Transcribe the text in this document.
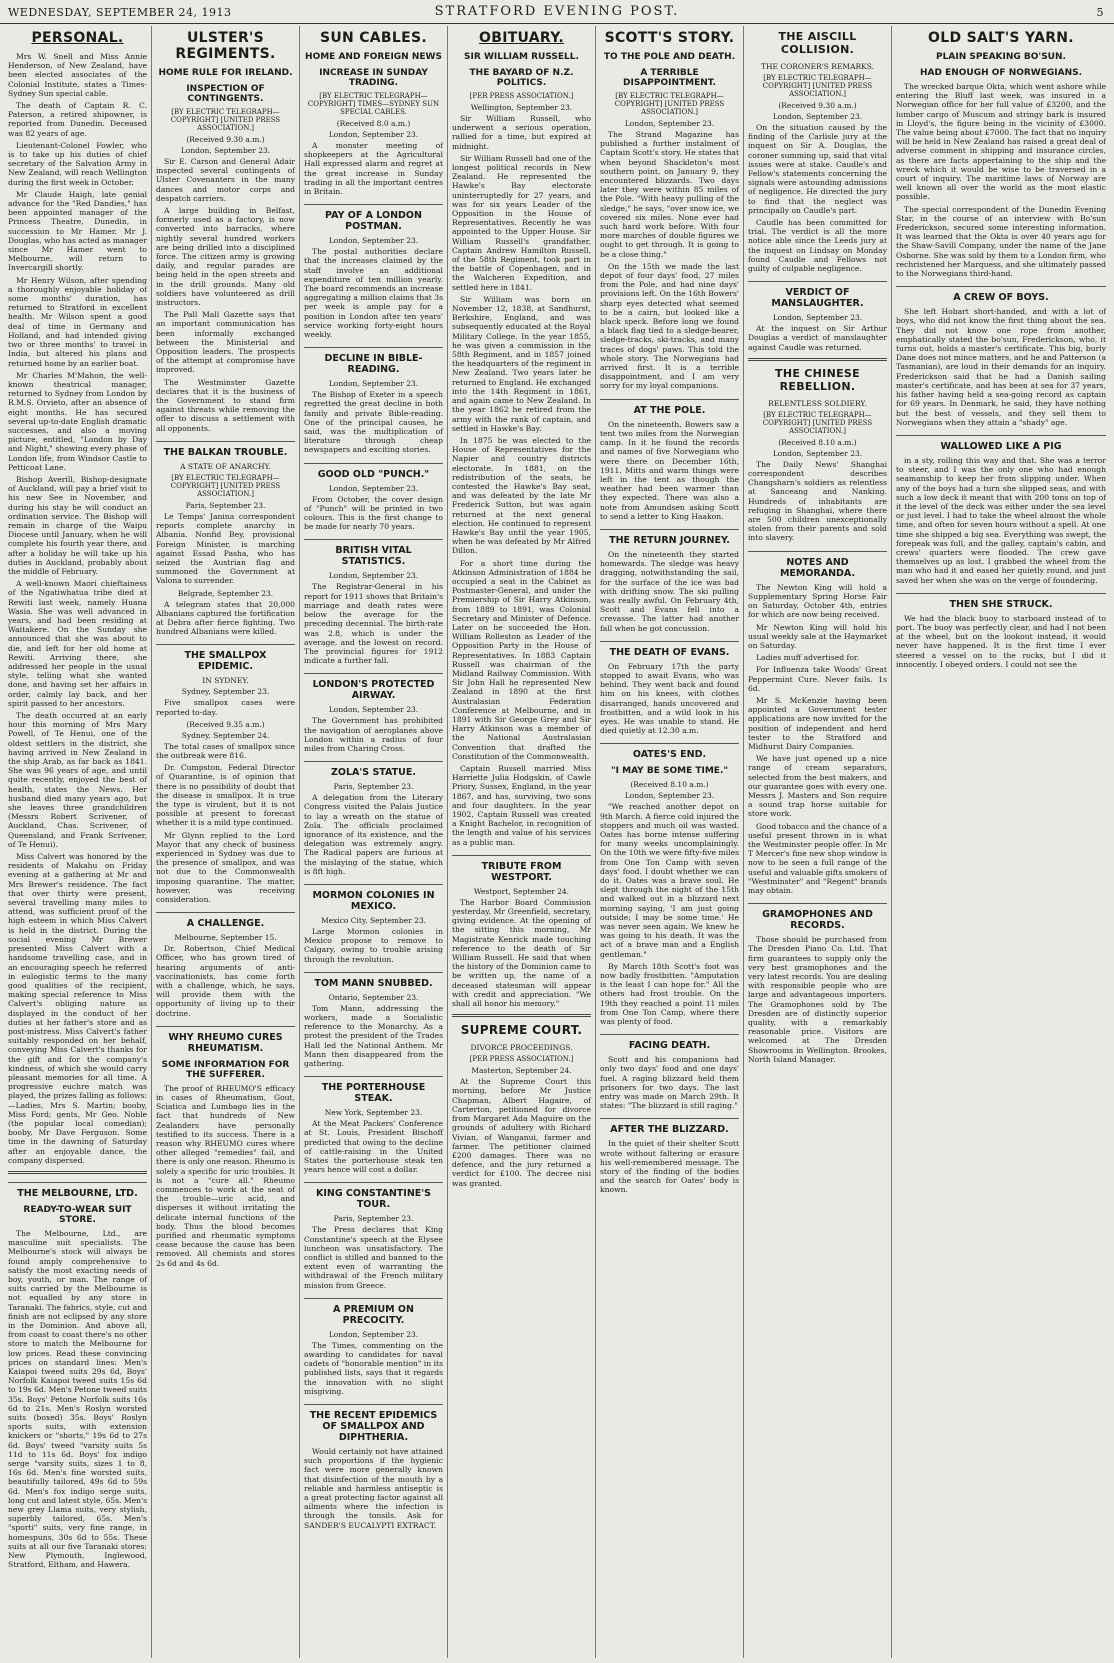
WEDNESDAY, SEPTEMBER 24, 1913	STRATFORD EVENING POST.	5
PERSONAL.

Mrs W. Snell and Miss Annie Henderson, of New Zealand, have been elected associates of the Colonial Institute, states a Times-Sydney Sun special cable.

The death of Captain R. C. Paterson, a retired shipowner, is reported from Dunedin. Deceased was 82 years of age.

Lieutenant-Colonel Fowler, who is to take up his duties of chief secretary of the Salvation Army in New Zealand, will reach Wellington during the first week in October.

Mr Claude Haigh, late genial advance for the "Red Dandies," has been appointed manager of the Princess Theatre, Dunedin, in succession to Mr Hamer. Mr J. Douglas, who has acted as manager since Mr Hamer went to Melbourne, will return to Invercargill shortly.

Mr Henry Wilson, after spending a thoroughly enjoyable holiday of some months' duration, has returned to Stratford in excellent health. Mr Wilson spent a good deal of time in Germany and Holland, and had intended giving two or three months' to travel in India, but altered his plans and returned home by an earlier boat.

Mr Charles M'Mahon, the well-known theatrical manager, returned to Sydney from London by R.M.S. Orvieto, after an absence of eight months. He has secured several up-to-date English dramatic successes, and also a moving picture, entitled, "London by Day and Night," showing every phase of London life, from Windsor Castle to Petticoat Lane.

Bishop Averill, Bishop-designate of Auckland, will pay a brief visit to his new See in November, and during his stay he will conduct an ordination service. The Bishop will remain in charge of the Waipu Diocese until January, when he will complete his fourth year there, and after a holiday he will take up his duties in Auckland, probably about the middle of February.

A well-known Maori chieftainess of the Ngatiwhatua tribe died at Rewiti last week, namely Huana Wasia. She was well advanced in years, and had been residing at Waitakere. On the Sunday she announced that she was about to die, and left for her old home at Rewiti. Arriving there, she addressed her people in the usual style, telling what she wanted done, and having set her affairs in order, calmly lay back, and her spirit passed to her ancestors.

The death occurred at an early hour this morning of Mrs Mary Powell, of Te Henui, one of the oldest settlers in the district, she having arrived in New Zealand in the ship Arab, as far back as 1841. She was 96 years of age, and until quite recently, enjoyed the best of health, states the News. Her husband died many years ago, but she leaves three grandchildren (Messrs Robert Scrivener, of Auckland, Chas. Scrivener, of Queensland, and Frank Scrivener, of Te Henui).

Miss Calvert was honored by the residents of Makahu on Friday evening at a gathering at Mr and Mrs Brewer's residence. The fact that over thirty were present, several travelling many miles to attend, was sufficient proof of the high esteem in which Miss Calvert is held in the district. During the social evening Mr Brewer presented Miss Calvert with a handsome travelling case, and in an encouraging speech he referred in eulogistic terms to the many good qualities of the recipient, making special reference to Miss Calvert's obliging nature as displayed in the conduct of her duties at her father's store and as post-mistress. Miss Calvert's father suitably responded on her behalf, conveying Miss Calvert's thanks for the gift and for the company's kindness, of which she would carry pleasant memories for all time. A progressive euchre match was played, the prizes falling as follows:—Ladies, Mrs S. Martin; booby, Miss Ford; gents, Mr Geo. Noble (the popular local comedian); booby, Mr Dave Ferguson. Some time in the dawning of Saturday after an enjoyable dance, the company dispersed.

THE MELBOURNE, LTD.
READY-TO-WEAR SUIT STORE.

The Melbourne, Ltd., are masculine suit specialists. The Melbourne's stock will always be found amply comprehensive to satisfy the most exacting needs of boy, youth, or man. The range of suits carried by the Melbourne is not equalled by any store in Taranaki. The fabrics, style, cut and finish are not eclipsed by any store in the Dominion. And above all, from coast to coast there's no other store to match the Melbourne for low prices. Read these convincing prices on standard lines: Men's Kaiapoi tweed suits 29s 6d, Boys' Norfolk Kaiapoi tweed suits 15s 6d to 19s 6d. Men's Petone tweed suits 35s. Boys' Petone Norfolk suits 16s 6d to 21s. Men's Roslyn worsted suits (boxed) 35s. Boys' Roslyn sports suits, with extension knickers or "shorts," 19s 6d to 27s 6d. Boys' tweed "varsity suits 5s 11d to 11s 6d. Boys' fox indigo serge "varsity suits, sizes 1 to 8, 16s 6d. Men's fine worsted suits, beautifully tailored, 49s 6d to 59s 6d. Men's fox indigo serge suits, long cut and latest style, 65s. Men's new grey Llama suits, very stylish, superbly tailored, 65s. Men's "sporti" suits, very fine range, in homespuns, 30s 6d to 55s. These suits at all our five Taranaki stores: New Plymouth, Inglewood, Stratford, Eltham, and Hawera.

ULSTER'S REGIMENTS.
HOME RULE FOR IRELAND.
INSPECTION OF CONTINGENTS.
[BY ELECTRIC TELEGRAPH—COPYRIGHT] [UNITED PRESS ASSOCIATION.]
(Received 9.30 a.m.)
London, September 23.

Sir E. Carson and General Adair inspected several contingents of Ulster Covenanters in the many dances and motor corps and despatch carriers.

A large building in Belfast, formerly used as a factory, is now converted into barracks, where nightly several hundred workers are being drilled into a disciplined force. The citizen army is growing daily, and regular parades are being held in the open streets and in the drill grounds. Many old soldiers have volunteered as drill instructors.

The Pall Mall Gazette says that an important communication has been informally exchanged between the Ministerial and Opposition leaders. The prospects of the attempt at compromise have improved.

The Westminster Gazette declares that it is the business of the Government to stand firm against threats while removing the offer to discuss a settlement with all opponents.

THE BALKAN TROUBLE.
A STATE OF ANARCHY.
[BY ELECTRIC TELEGRAPH—COPYRIGHT] [UNITED PRESS ASSOCIATION.]
Paris, September 23.

Le Temps' Janina correspondent reports complete anarchy in Albania. Nonfid Bey, provisional Foreign Minister, is marching against Essad Pasha, who has seized the Austrian flag and summoned the Government at Valona to surrender.

Belgrade, September 23.

A telegram states that 20,000 Albanians captured the fortification at Debra after fierce fighting. Two hundred Albanians were killed.

THE SMALLPOX EPIDEMIC.
IN SYDNEY.
Sydney, September 23.

Five smallpox cases were reported to-day.

(Received 9.35 a.m.)
Sydney, September 24.

The total cases of smallpox since the outbreak were 816.

Dr. Cumpston, Federal Director of Quarantine, is of opinion that there is no possibility of doubt that the disease is smallpox. It is true the type is virulent, but it is not possible at present to forecast whether it is a mild type continued.

Mr Glynn replied to the Lord Mayor that any check of business experienced in Sydney was due to the presence of smallpox, and was not due to the Commonwealth imposing quarantine. The matter, however, was receiving consideration.

A CHALLENGE.
Melbourne, September 15.

Dr. Robertson, Chief Medical Officer, who has grown tired of hearing arguments of anti-vaccinationists, has come forth with a challenge, which, he says, will provide them with the opportunity of living up to their doctrine.

WHY RHEUMO CURES RHEUMATISM.
SOME INFORMATION FOR THE SUFFERER.

The proof of RHEUMO'S efficacy in cases of Rheumatism, Gout, Sciatica and Lumbago lies in the fact that hundreds of New Zealanders have personally testified to its success. There is a reason why RHEUMO cures where other alleged "remedies" fail, and there is only one reason. Rheumo is solely a specific for uric troubles. It is not a "cure all." Rheumo commences to work at the seat of the trouble—uric acid, and disperses it without irritating the delicate internal functions of the body. Thus the blood becomes purified and rheumatic symptoms cease because the cause has been removed. All chemists and stores 2s 6d and 4s 6d.

SUN CABLES.
HOME AND FOREIGN NEWS
INCREASE IN SUNDAY TRADING.
[BY ELECTRIC TELEGRAPH—COPYRIGHT] TIMES—SYDNEY SUN SPECIAL CABLES.
(Received 8.0 a.m.)
London, September 23.

A monster meeting of shopkeepers at the Agricultural Hall expressed alarm and regret at the great increase in Sunday trading in all the important centres in Britain.

PAY OF A LONDON POSTMAN.
London, September 23.

The postal authorities declare that the increases claimed by the staff involve an additional expenditure of ten million yearly. The board recommends an increase aggregating a million claims that 3s per week is ample pay for a position in London after ten years' service working forty-eight hours weekly.

DECLINE IN BIBLE-READING.
London, September 23.

The Bishop of Exeter in a speech regretted the great decline in both family and private Bible-reading. One of the principal causes, he said, was the multiplication of literature through cheap newspapers and exciting stories.

GOOD OLD "PUNCH."
London, September 23.

From October, the cover design of "Punch" will be printed in two colours. This is the first change to be made for nearly 70 years.

BRITISH VITAL STATISTICS.
London, September 23.

The Registrar-General in his report for 1911 shows that Britain's marriage and death rates were below the average for the preceding decennial. The birth-rate was 2.8, which is under the average, and the lowest on record. The provincial figures for 1912 indicate a further fall.

LONDON'S PROTECTED AIRWAY.
London, September 23.

The Government has prohibited the navigation of aeroplanes above London within a radius of four miles from Charing Cross.

ZOLA'S STATUE.
Paris, September 23.

A delegation from the Literary Congress visited the Palais Justice to lay a wreath on the statue of Zola. The officials proclaimed ignorance of its existence, and the delegation was extremely angry. The Radical papers are furious at the mislaying of the statue, which is 8ft high.

MORMON COLONIES IN MEXICO.
Mexico City, September 23.

Large Mormon colonies in Mexico propose to remove to Calgary, owing to trouble arising through the revolution.

TOM MANN SNUBBED.
Ontario, September 23.

Tom Mann, addressing the workers, made a Socialistic reference to the Monarchy. As a protest the president of the Trades Hall led the National Anthem. Mr Mann then disappeared from the gathering.

THE PORTERHOUSE STEAK.
New York, September 23.

At the Meat Packers' Conference at St. Louis, President Bischoff predicted that owing to the decline of cattle-raising in the United States the porterhouse steak ten years hence will cost a dollar.

KING CONSTANTINE'S TOUR.
Paris, September 23.

The Press declares that King Constantine's speech at the Elysee luncheon was unsatisfactory. The conflict is stilled and banned to the extent even of warranting the withdrawal of the French military mission from Greece.

A PREMIUM ON PRECOCITY.
London, September 23.

The Times, commenting on the awarding to candidates for naval cadets of "honorable mention" in its published lists, says that it regards the innovation with no slight misgiving.

THE RECENT EPIDEMICS OF SMALLPOX AND DIPHTHERIA.

Would certainly not have attained such proportions if the hygienic fact were more generally known that disinfection of the mouth by a reliable and harmless antiseptic is a great protecting factor against all ailments where the infection is through the tonsils. Ask for SANDER'S EUCALYPTI EXTRACT.

OBITUARY.
SIR WILLIAM RUSSELL.
THE BAYARD OF N.Z. POLITICS.
[PER PRESS ASSOCIATION.]
Wellington, September 23.

Sir William Russell, who underwent a serious operation, rallied for a time, but expired at midnight.

Sir William Russell had one of the longest political records in New Zealand. He represented the Hawke's Bay electorate uninterruptedly for 27 years, and was for six years Leader of the Opposition in the House of Representatives. Recently he was appointed to the Upper House. Sir William Russell's grandfather, Captain Andrew Hamilton Russell, of the 58th Regiment, took part in the battle of Copenhagen, and in the Walcheren Expedition, and settled here in 1841.

Sir William was born on November 12, 1838, at Sandhurst, Berkshire, England, and was subsequently educated at the Royal Military College. In the year 1855, he was given a commission in the 58th Regiment, and in 1857 joined the headquarters of the regiment in New Zealand. Two years later he returned to England. He exchanged into the 14th Regiment in 1861, and again came to New Zealand. In the year 1862 he retired from the army with the rank of captain, and settled in Hawke's Bay.

In 1875 he was elected to the House of Representatives for the Napier and country districts electorate. In 1881, on the redistribution of the seats, he contested the Hawke's Bay seat, and was defeated by the late Mr Frederick Sutton, but was again returned at the next general election. He continued to represent Hawke's Bay until the year 1905, when he was defeated by Mr Alfred Dillon.

For a short time during the Atkinson Administration of 1884 he occupied a seat in the Cabinet as Postmaster-General, and under the Premiership of Sir Harry Atkinson, from 1889 to 1891, was Colonial Secretary and Minister of Defence. Later on he succeeded the Hon. William Rolleston as Leader of the Opposition Party in the House of Representatives. In 1883 Captain Russell was chairman of the Midland Railway Commission. With Sir John Hall he represented New Zealand in 1890 at the first Australasian Federation Conference at Melbourne, and in 1891 with Sir George Grey and Sir Harry Atkinson was a member of the National Australasian Convention that drafted the Constitution of the Commonwealth.

Captain Russell married Miss Harriette Julia Hodgskin, of Cawle Priory, Sussex, England, in the year 1867, and has, surviving, two sons and four daughters. In the year 1902, Captain Russell was created a Knight Bachelor, in recognition of the length and value of his services as a public man.

TRIBUTE FROM WESTPORT.
Westport, September 24.

The Harbor Board Commission yesterday, Mr Greenfield, secretary, giving evidence. At the opening of the sitting this morning, Mr Magistrate Kenrick made touching reference to the death of Sir William Russell. He said that when the history of the Dominion came to be written up, the name of a deceased statesman will appear with credit and appreciation. "We shall all honor his memory."

SUPREME COURT.
DIVORCE PROCEEDINGS.
[PER PRESS ASSOCIATION.]
Masterton, September 24.

At the Supreme Court this morning, before Mr Justice Chapman, Albert Hagaire, of Carterton, petitioned for divorce from Margaret Ada Maguire on the grounds of adultery with Richard Vivian, of Wanganui, farmer and farmer. The petitioner claimed £200 damages. There was no defence, and the jury returned a verdict for £100. The decree nisi was granted.

SCOTT'S STORY.
TO THE POLE AND DEATH.
A TERRIBLE DISAPPOINTMENT.
[BY ELECTRIC TELEGRAPH—COPYRIGHT] [UNITED PRESS ASSOCIATION.]
London, September 23.

The Strand Magazine has published a further instalment of Captain Scott's story. He states that when beyond Shackleton's most southern point, on January 9, they encountered blizzards. Two days later they were within 85 miles of the Pole. "With heavy pulling of the sledge," he says, "over snow ice, we covered six miles. None ever had such hard work before. With four more marches of double figures we ought to get through. It is going to be a close thing."

On the 15th we made the last depot of four days' food, 27 miles from the Pole, and had nine days' provisions left. On the 16th Bowers' sharp eyes detected what seemed to be a cairn, but looked like a black speck. Before long we found a black flag tied to a sledge-bearer, sledge-tracks, ski-tracks, and many traces of dogs' paws. This told the whole story. The Norwegians had arrived first. It is a terrible disappointment, and I am very sorry for my loyal companions.

AT THE POLE.

On the nineteenth, Bowers saw a tent two miles from the Norwegian camp. In it he found the records and names of five Norwegians who were there on December 16th, 1911. Mitts and warm things were left in the tent as though the weather had been warmer than they expected. There was also a note from Amundsen asking Scott to send a letter to King Haakon.

THE RETURN JOURNEY.

On the nineteenth they started homewards. The sledge was heavy dragging, notwithstanding the sail, for the surface of the ice was bad with drifting snow. The ski pulling was really awful. On February 4th, Scott and Evans fell into a crevasse. The latter had another fall when he got concussion.

THE DEATH OF EVANS.

On February 17th the party stopped to await Evans, who was behind. They went back and found him on his knees, with clothes disarranged, hands uncovered and frostbitten, and a wild look in his eyes. He was unable to stand. He died quietly at 12.30 a.m.

OATES'S END.
"I MAY BE SOME TIME."
(Received 8.10 a.m.)
London, September 23.

"We reached another depot on 9th March. A fierce cold injured the stoppers and much oil was wasted. Oates has borne intense suffering for many weeks uncomplainingly. On the 10th we were fifty-five miles from One Ton Camp with seven days' food. I doubt whether we can do it. Oates was a brave soul. He slept through the night of the 15th and walked out in a blizzard next morning saying, 'I am just going outside; I may be some time.' He was never seen again. We knew he was going to his death. It was the act of a brave man and a English gentleman."

By March 18th Scott's foot was now badly frostbitten. "Amputation is the least I can hope for." All the others had frost trouble. On the 19th they reached a point 11 miles from One Ton Camp, where there was plenty of food.

FACING DEATH.

Scott and his companions had only two days' food and one days' fuel. A raging blizzard held them prisoners for two days. The last entry was made on March 29th. It states: "The blizzard is still raging."

AFTER THE BLIZZARD.

In the quiet of their shelter Scott wrote without faltering or erasure his well-remembered message. The story of the finding of the bodies and the search for Oates' body is known.

THE AISCILL COLLISION.
THE CORONER'S REMARKS.
[BY ELECTRIC TELEGRAPH—COPYRIGHT] [UNITED PRESS ASSOCIATION.]
(Received 9.30 a.m.)
London, September 23.

On the situation caused by the finding of the Carlisle jury at the inquest on Sir A. Douglas, the coroner summing up, said that vital issues were at stake. Caudle's and Fellow's statements concerning the signals were astounding admissions of negligence. He directed the jury to find that the neglect was principally on Caudle's part.

Caudle has been committed for trial. The verdict is all the more notice able since the Leeds jury at the inquest on Lindsay on Monday found Caudle and Fellows not guilty of culpable negligence.

VERDICT OF MANSLAUGHTER.
London, September 23.

At the inquest on Sir Arthur Douglas a verdict of manslaughter against Caudle was returned.

THE CHINESE REBELLION.
RELENTLESS SOLDIERY.
[BY ELECTRIC TELEGRAPH—COPYRIGHT] [UNITED PRESS ASSOCIATION.]
(Received 8.10 a.m.)
London, September 23.

The Daily News' Shanghai correspondent describes Changsharn's soldiers as relentless at Sanceang and Nanking. Hundreds of inhabitants are refuging in Shanghai, where there are 500 children unexceptionally stolen from their parents and sold into slavery.

NOTES AND MEMORANDA.

The Newton King will hold a Supplementary Spring Horse Fair on Saturday, October 4th, entries for which are now being received.

Mr Newton King will hold his usual weekly sale at the Haymarket on Saturday.

Ladies muff advertised for.

For Influenza take Woods' Great Peppermint Cure. Never fails. 1s 6d.

Mr S. McKenzie having been appointed a Government tester applications are now invited for the position of independent and herd tester to the Stratford and Midhurst Dairy Companies.

We have just opened up a nice range of cream separators, selected from the best makers, and our guarantee goes with every one. Messrs J. Masters and Son require a sound trap horse suitable for store work.

Good tobacco and the chance of a useful present thrown in is what the Westminster people offer. In Mr T Mercer's fine new shop window is now to be seen a full range of the useful and valuable gifts smokers of "Westminster" and "Regent" brands may obtain.

GRAMOPHONES AND RECORDS.

Those should be purchased from The Dresden Piano Co. Ltd. That firm guarantees to supply only the very best gramophones and the very latest records. You are dealing with responsible people who are large and advantageous importers. The Gramophones sold by The Dresden are of distinctly superior quality, with a remarkably reasonable price. Visitors are welcomed at The Dresden Showrooms in Wellington. Brookes, North Island Manager.

OLD SALT'S YARN.
PLAIN SPEAKING BO'SUN.
HAD ENOUGH OF NORWEGIANS.

The wrecked barque Okta, which went ashore while entering the Bluff last week, was insured in a Norwegian office for her full value of £3200, and the lumber cargo of Muscum and stringy bark is insured in Lloyd's, the figure being in the vicinity of £3000. The value being about £7000. The fact that no inquiry will be held in New Zealand has raised a great deal of adverse comment in shipping and insurance circles, as there are facts appertaining to the ship and the wreck which it would be wise to be traversed in a court of inquiry. The maritime laws of Norway are well known all over the world as the most elastic possible.

The special correspondent of the Dunedin Evening Star, in the course of an interview with Bo'sun Frederickson, secured some interesting information. It was learned that the Okta is over 40 years ago for the Shaw-Savill Company, under the name of the Jane Osborne. She was sold by them to a London firm, who rechristened her Marquess, and she ultimately passed to the Norwegians third-hand.

A CREW OF BOYS.

She left Hobart short-handed, and with a lot of boys, who did not know the first thing about the sea. They did not know one rope from another, emphatically stated the bo'sun, Frederickson, who, it turns out, holds a master's certificate. This big, burly Dane does not mince matters, and he and Patterson (a Tasmanian), are loud in their demands for an inquiry. Frederickson said that he had a Danish sailing master's certificate, and has been at sea for 37 years, his father having held a sea-going record as captain for 69 years. In Denmark, he said, they have nothing but the best of vessels, and they sell them to Norwegians when they attain a "shady" age.

WALLOWED LIKE A PIG

in a sty, rolling this way and that. She was a terror to steer, and I was the only one who had enough seamanship to keep her from slipping under. When any of the boys had a turn she slipped seas, and with such a low deck it meant that with 200 tons on top of it the level of the deck was either under the sea level or just level. I had to take the wheel almost the whole time, and often for seven hours without a spell. At one time she shipped a big sea. Everything was swept, the forepeak was full, and the galley, captain's cabin, and crews' quarters were flooded. The crew gave themselves up as lost. I grabbed the wheel from the man who had it and eased her quietly round, and just saved her when she was on the verge of foundering.

THEN SHE STRUCK.

We had the black buoy to starboard instead of to port. The buoy was perfectly clear, and had I not been at the wheel, but on the lookout instead, it would never have happened. It is the first time I ever steered a vessel on to the rocks, but I did it innocently. I obeyed orders. I could not see the
